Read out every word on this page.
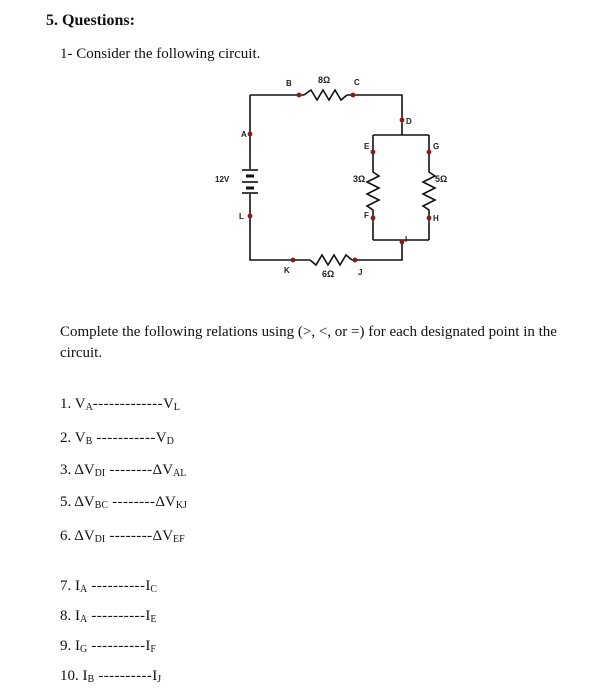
5. Questions:
1- Consider the following circuit.
12V
8Ω
3Ω	5Ω
6Ω
A
B	C
D
E
F
G
H
I
J
K
L
Complete the following relations using (>, <, or =) for each designated point in the circuit.
1. $V_A-------------V_L$
2. $V_B$ $-----------V_D$
3. $\Delta V_{DI}$ $--------\Delta V_{AL}$
5. $\Delta V_{BC}$ $--------\Delta V_{KJ}$
6. $\Delta V_{DI}$ $--------\Delta V_{EF}$
7. $I_A$ $----------I_C$
8. $I_A$ $----------I_E$
9. $I_G$ $----------I_F$
10. $I_B$ $----------I_J$
